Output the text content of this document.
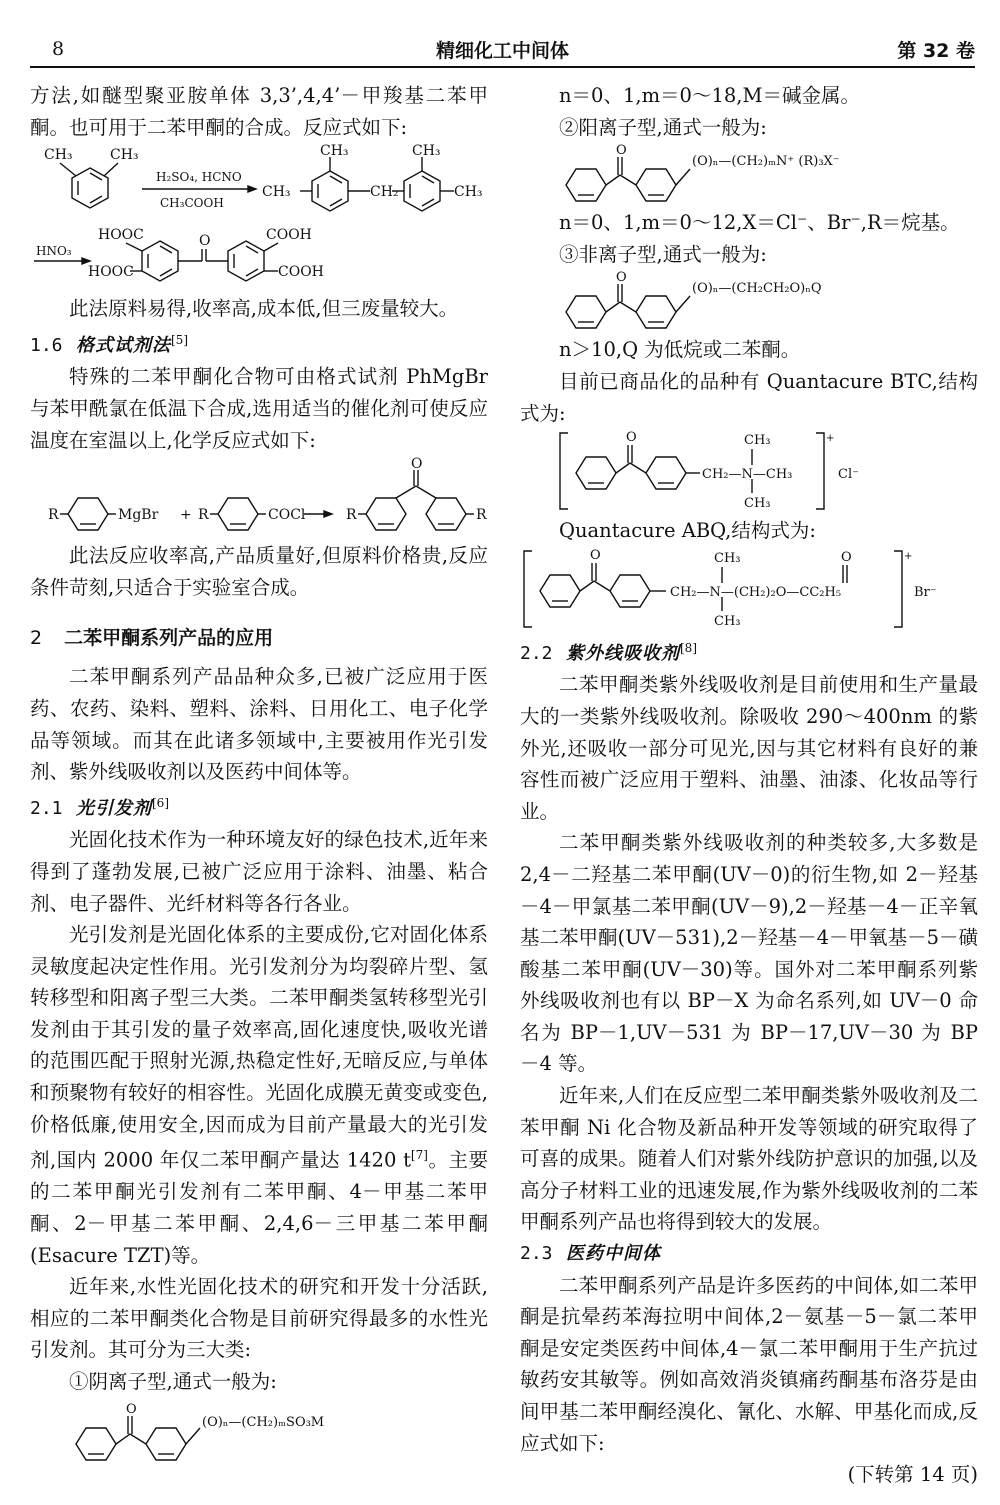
8	精细化工中间体	第 32 卷

方法,如醚型聚亚胺单体 3,3’,4,4’－甲羧基二苯甲酮。也可用于二苯甲酮的合成。反应式如下:

CH₃	CH₃
H₂SO₄, HCNO
CH₃COOH
CH₃
CH₃
CH₂
CH₃
CH₃
HNO₃
HOOC
HOOC
O	COOH
COOH

此法原料易得,收率高,成本低,但三废量较大。

1.6 格式试剂法[5]

特殊的二苯甲酮化合物可由格式试剂 PhMgBr 与苯甲酰氯在低温下合成,选用适当的催化剂可使反应温度在室温以上,化学反应式如下:

R	MgBr + R	COCl	R
O
R

此法反应收率高,产品质量好,但原料价格贵,反应条件苛刻,只适合于实验室合成。

2 二苯甲酮系列产品的应用

二苯甲酮系列产品品种众多,已被广泛应用于医药、农药、染料、塑料、涂料、日用化工、电子化学品等领域。而其在此诸多领域中,主要被用作光引发剂、紫外线吸收剂以及医药中间体等。

2.1 光引发剂[6]

光固化技术作为一种环境友好的绿色技术,近年来得到了蓬勃发展,已被广泛应用于涂料、油墨、粘合剂、电子器件、光纤材料等各行各业。

光引发剂是光固化体系的主要成份,它对固化体系灵敏度起决定性作用。光引发剂分为均裂碎片型、氢转移型和阳离子型三大类。二苯甲酮类氢转移型光引发剂由于其引发的量子效率高,固化速度快,吸收光谱的范围匹配于照射光源,热稳定性好,无暗反应,与单体和预聚物有较好的相容性。光固化成膜无黄变或变色,价格低廉,使用安全,因而成为目前产量最大的光引发剂,国内 2000 年仅二苯甲酮产量达 1420 t[7]。主要的二苯甲酮光引发剂有二苯甲酮、4－甲基二苯甲酮、2－甲基二苯甲酮、2,4,6－三甲基二苯甲酮(Esacure TZT)等。

近年来,水性光固化技术的研究和开发十分活跃,相应的二苯甲酮类化合物是目前研究得最多的水性光引发剂。其可分为三大类:

①阴离子型,通式一般为:

O
(O)ₙ—(CH₂)ₘSO₃M

n＝0、1,m＝0～18,M＝碱金属。

②阳离子型,通式一般为:

O
(O)ₙ—(CH₂)ₘN⁺ (R)₃X⁻

n＝0、1,m＝0～12,X＝Cl⁻、Br⁻,R＝烷基。

③非离子型,通式一般为:

O
(O)ₙ—(CH₂CH₂O)ₙQ

n＞10,Q 为低烷或二苯酮。

目前已商品化的品种有 Quantacure BTC,结构式为:

O
CH₂—N—CH₃
CH₃
CH₃
+
Cl⁻

Quantacure ABQ,结构式为:

O
CH₂—N—(CH₂)₂O—CC₂H₅
CH₃
CH₃
O	+
Br⁻

2.2 紫外线吸收剂[8]

二苯甲酮类紫外线吸收剂是目前使用和生产量最大的一类紫外线吸收剂。除吸收 290～400nm 的紫外光,还吸收一部分可见光,因与其它材料有良好的兼容性而被广泛应用于塑料、油墨、油漆、化妆品等行业。

二苯甲酮类紫外线吸收剂的种类较多,大多数是 2,4－二羟基二苯甲酮(UV－0)的衍生物,如 2－羟基－4－甲氯基二苯甲酮(UV－9),2－羟基－4－正辛氧基二苯甲酮(UV－531),2－羟基－4－甲氧基－5－磺酸基二苯甲酮(UV－30)等。国外对二苯甲酮系列紫外线吸收剂也有以 BP－X 为命名系列,如 UV－0 命名为 BP－1,UV－531 为 BP－17,UV－30 为 BP－4 等。

近年来,人们在反应型二苯甲酮类紫外吸收剂及二苯甲酮 Ni 化合物及新品种开发等领域的研究取得了可喜的成果。随着人们对紫外线防护意识的加强,以及高分子材料工业的迅速发展,作为紫外线吸收剂的二苯甲酮系列产品也将得到较大的发展。

2.3 医药中间体

二苯甲酮系列产品是许多医药的中间体,如二苯甲酮是抗晕药苯海拉明中间体,2－氨基－5－氯二苯甲酮是安定类医药中间体,4－氯二苯甲酮用于生产抗过敏药安其敏等。例如高效消炎镇痛药酮基布洛芬是由间甲基二苯甲酮经溴化、氰化、水解、甲基化而成,反应式如下:

(下转第 14 页)
